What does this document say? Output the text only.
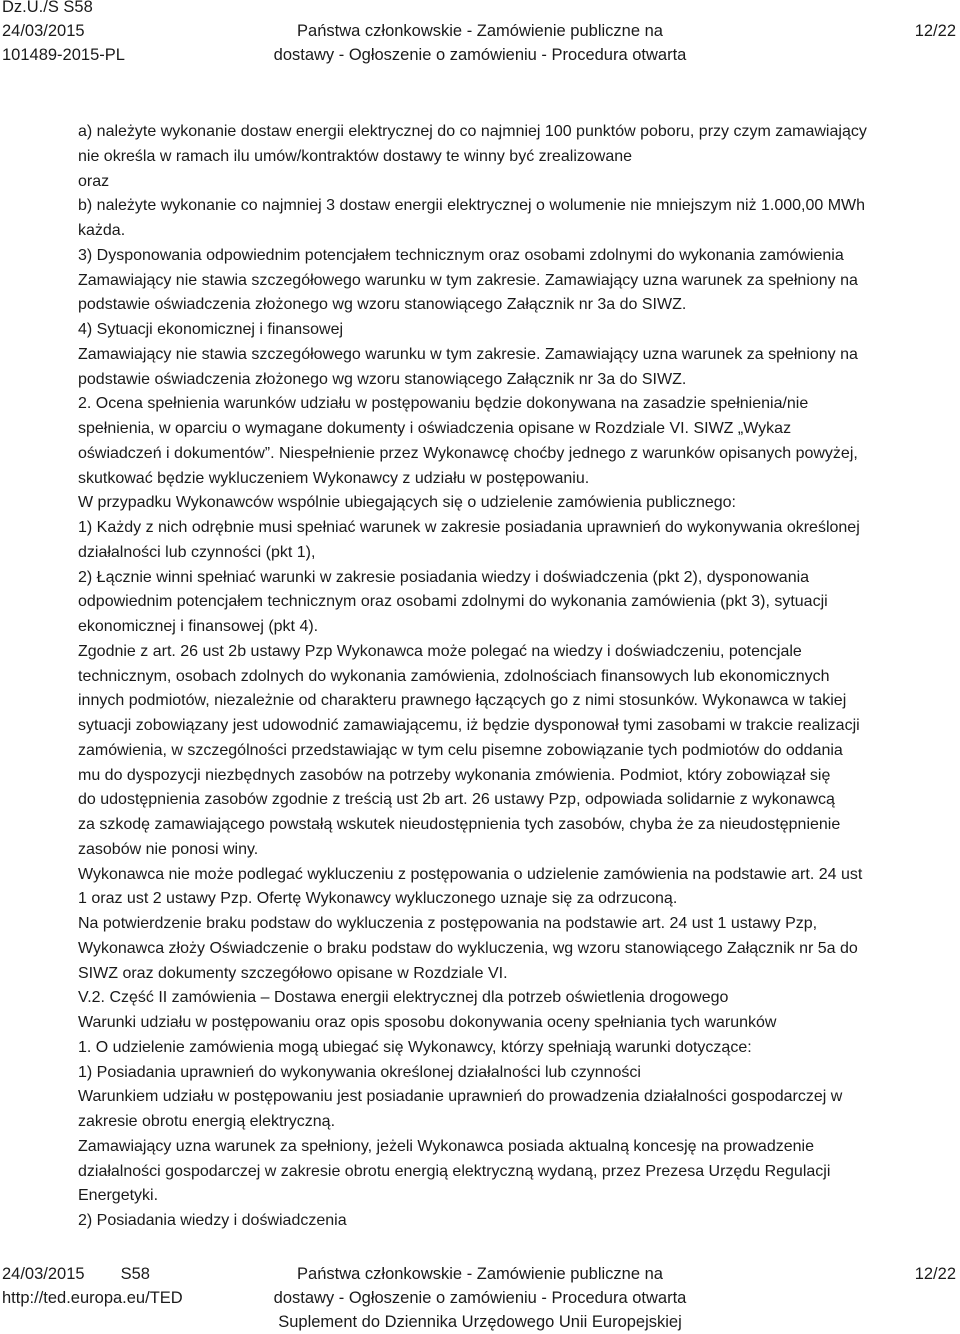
Dz.U./S S58
24/03/2015
101489-2015-PL
Państwa członkowskie - Zamówienie publiczne na
dostawy - Ogłoszenie o zamówieniu - Procedura otwarta
12/22
a) należyte wykonanie dostaw energii elektrycznej do co najmniej 100 punktów poboru, przy czym zamawiający
nie określa w ramach ilu umów/kontraktów dostawy te winny być zrealizowane
oraz
b) należyte wykonanie co najmniej 3 dostaw energii elektrycznej o wolumenie nie mniejszym niż 1.000,00 MWh
każda.
3) Dysponowania odpowiednim potencjałem technicznym oraz osobami zdolnymi do wykonania zamówienia
Zamawiający nie stawia szczegółowego warunku w tym zakresie. Zamawiający uzna warunek za spełniony na
podstawie oświadczenia złożonego wg wzoru stanowiącego Załącznik nr 3a do SIWZ.
4) Sytuacji ekonomicznej i finansowej
Zamawiający nie stawia szczegółowego warunku w tym zakresie. Zamawiający uzna warunek za spełniony na
podstawie oświadczenia złożonego wg wzoru stanowiącego Załącznik nr 3a do SIWZ.
2. Ocena spełnienia warunków udziału w postępowaniu będzie dokonywana na zasadzie spełnienia/nie
spełnienia, w oparciu o wymagane dokumenty i oświadczenia opisane w Rozdziale VI. SIWZ „Wykaz
oświadczeń i dokumentów”. Niespełnienie przez Wykonawcę choćby jednego z warunków opisanych powyżej,
skutkować będzie wykluczeniem Wykonawcy z udziału w postępowaniu.
W przypadku Wykonawców wspólnie ubiegających się o udzielenie zamówienia publicznego:
1) Każdy z nich odrębnie musi spełniać warunek w zakresie posiadania uprawnień do wykonywania określonej
działalności lub czynności (pkt 1),
2) Łącznie winni spełniać warunki w zakresie posiadania wiedzy i doświadczenia (pkt 2), dysponowania
odpowiednim potencjałem technicznym oraz osobami zdolnymi do wykonania zamówienia (pkt 3), sytuacji
ekonomicznej i finansowej (pkt 4).
Zgodnie z art. 26 ust 2b ustawy Pzp Wykonawca może polegać na wiedzy i doświadczeniu, potencjale
technicznym, osobach zdolnych do wykonania zamówienia, zdolnościach finansowych lub ekonomicznych
innych podmiotów, niezależnie od charakteru prawnego łączących go z nimi stosunków. Wykonawca w takiej
sytuacji zobowiązany jest udowodnić zamawiającemu, iż będzie dysponował tymi zasobami w trakcie realizacji
zamówienia, w szczególności przedstawiając w tym celu pisemne zobowiązanie tych podmiotów do oddania
mu do dyspozycji niezbędnych zasobów na potrzeby wykonania zmówienia. Podmiot, który zobowiązał się
do udostępnienia zasobów zgodnie z treścią ust 2b art. 26 ustawy Pzp, odpowiada solidarnie z wykonawcą
za szkodę zamawiającego powstałą wskutek nieudostępnienia tych zasobów, chyba że za nieudostępnienie
zasobów nie ponosi winy.
Wykonawca nie może podlegać wykluczeniu z postępowania o udzielenie zamówienia na podstawie art. 24 ust
1 oraz ust 2 ustawy Pzp. Ofertę Wykonawcy wykluczonego uznaje się za odrzuconą.
Na potwierdzenie braku podstaw do wykluczenia z postępowania na podstawie art. 24 ust 1 ustawy Pzp,
Wykonawca złoży Oświadczenie o braku podstaw do wykluczenia, wg wzoru stanowiącego Załącznik nr 5a do
SIWZ oraz dokumenty szczegółowo opisane w Rozdziale VI.
V.2. Część II zamówienia – Dostawa energii elektrycznej dla potrzeb oświetlenia drogowego
Warunki udziału w postępowaniu oraz opis sposobu dokonywania oceny spełniania tych warunków
1. O udzielenie zamówienia mogą ubiegać się Wykonawcy, którzy spełniają warunki dotyczące:
1) Posiadania uprawnień do wykonywania określonej działalności lub czynności
Warunkiem udziału w postępowaniu jest posiadanie uprawnień do prowadzenia działalności gospodarczej w
zakresie obrotu energią elektryczną.
Zamawiający uzna warunek za spełniony, jeżeli Wykonawca posiada aktualną koncesję na prowadzenie
działalności gospodarczej w zakresie obrotu energią elektryczną wydaną, przez Prezesa Urzędu Regulacji
Energetyki.
2) Posiadania wiedzy i doświadczenia
24/03/2015 S58
http://ted.europa.eu/TED
Państwa członkowskie - Zamówienie publiczne na
dostawy - Ogłoszenie o zamówieniu - Procedura otwarta
Suplement do Dziennika Urzędowego Unii Europejskiej
12/22
